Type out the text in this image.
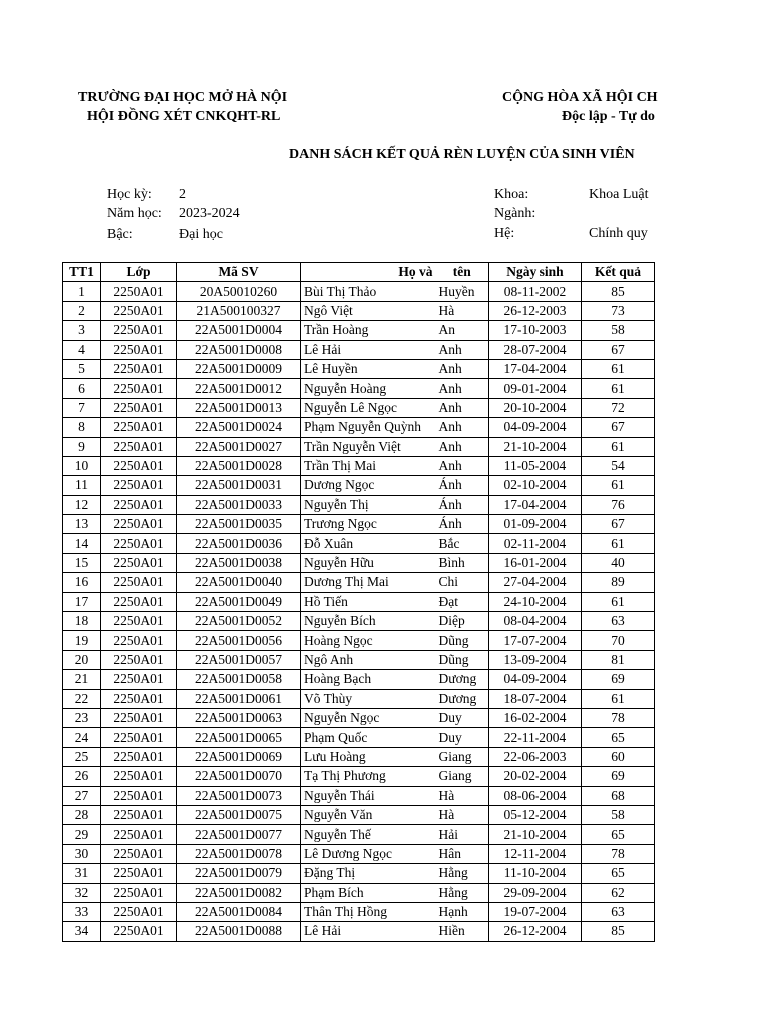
TRƯỜNG ĐẠI HỌC MỞ HÀ NỘI
HỘI ĐỒNG XÉT CNKQHT-RL
CỘNG HÒA XÃ HỘI CH
Độc lập - Tự do
DANH SÁCH KẾT QUẢ RÈN LUYỆN CỦA SINH VIÊN
Học kỳ: 2
Năm học: 2023-2024
Bậc:	Đại học
Khoa:	Khoa Luật
Ngành:
Hệ:	Chính quy
TT1	Lớp	Mã SV	Họ và	tên	Ngày sinh	Kết quả
1	2250A01	20A50010260	Bùi Thị Thảo	Huyền	08-11-2002	85
2	2250A01	21A500100327	Ngô Việt	Hà	26-12-2003	73
3	2250A01	22A5001D0004	Trần Hoàng	An	17-10-2003	58
4	2250A01	22A5001D0008	Lê Hải	Anh	28-07-2004	67
5	2250A01	22A5001D0009	Lê Huyền	Anh	17-04-2004	61
6	2250A01	22A5001D0012	Nguyễn Hoàng	Anh	09-01-2004	61
7	2250A01	22A5001D0013	Nguyễn Lê Ngọc	Anh	20-10-2004	72
8	2250A01	22A5001D0024	Phạm Nguyễn Quỳnh	Anh	04-09-2004	67
9	2250A01	22A5001D0027	Trần Nguyễn Việt	Anh	21-10-2004	61
10	2250A01	22A5001D0028	Trần Thị Mai	Anh	11-05-2004	54
11	2250A01	22A5001D0031	Dương Ngọc	Ánh	02-10-2004	61
12	2250A01	22A5001D0033	Nguyễn Thị	Ánh	17-04-2004	76
13	2250A01	22A5001D0035	Trương Ngọc	Ánh	01-09-2004	67
14	2250A01	22A5001D0036	Đỗ Xuân	Bắc	02-11-2004	61
15	2250A01	22A5001D0038	Nguyễn Hữu	Bình	16-01-2004	40
16	2250A01	22A5001D0040	Dương Thị Mai	Chi	27-04-2004	89
17	2250A01	22A5001D0049	Hồ Tiến	Đạt	24-10-2004	61
18	2250A01	22A5001D0052	Nguyễn Bích	Diệp	08-04-2004	63
19	2250A01	22A5001D0056	Hoàng Ngọc	Dũng	17-07-2004	70
20	2250A01	22A5001D0057	Ngô Anh	Dũng	13-09-2004	81
21	2250A01	22A5001D0058	Hoàng Bạch	Dương	04-09-2004	69
22	2250A01	22A5001D0061	Võ Thùy	Dương	18-07-2004	61
23	2250A01	22A5001D0063	Nguyễn Ngọc	Duy	16-02-2004	78
24	2250A01	22A5001D0065	Phạm Quốc	Duy	22-11-2004	65
25	2250A01	22A5001D0069	Lưu Hoàng	Giang	22-06-2003	60
26	2250A01	22A5001D0070	Tạ Thị Phương	Giang	20-02-2004	69
27	2250A01	22A5001D0073	Nguyễn Thái	Hà	08-06-2004	68
28	2250A01	22A5001D0075	Nguyễn Văn	Hà	05-12-2004	58
29	2250A01	22A5001D0077	Nguyễn Thế	Hải	21-10-2004	65
30	2250A01	22A5001D0078	Lê Dương Ngọc	Hân	12-11-2004	78
31	2250A01	22A5001D0079	Đặng Thị	Hằng	11-10-2004	65
32	2250A01	22A5001D0082	Phạm Bích	Hằng	29-09-2004	62
33	2250A01	22A5001D0084	Thân Thị Hồng	Hạnh	19-07-2004	63
34	2250A01	22A5001D0088	Lê Hải	Hiền	26-12-2004	85
